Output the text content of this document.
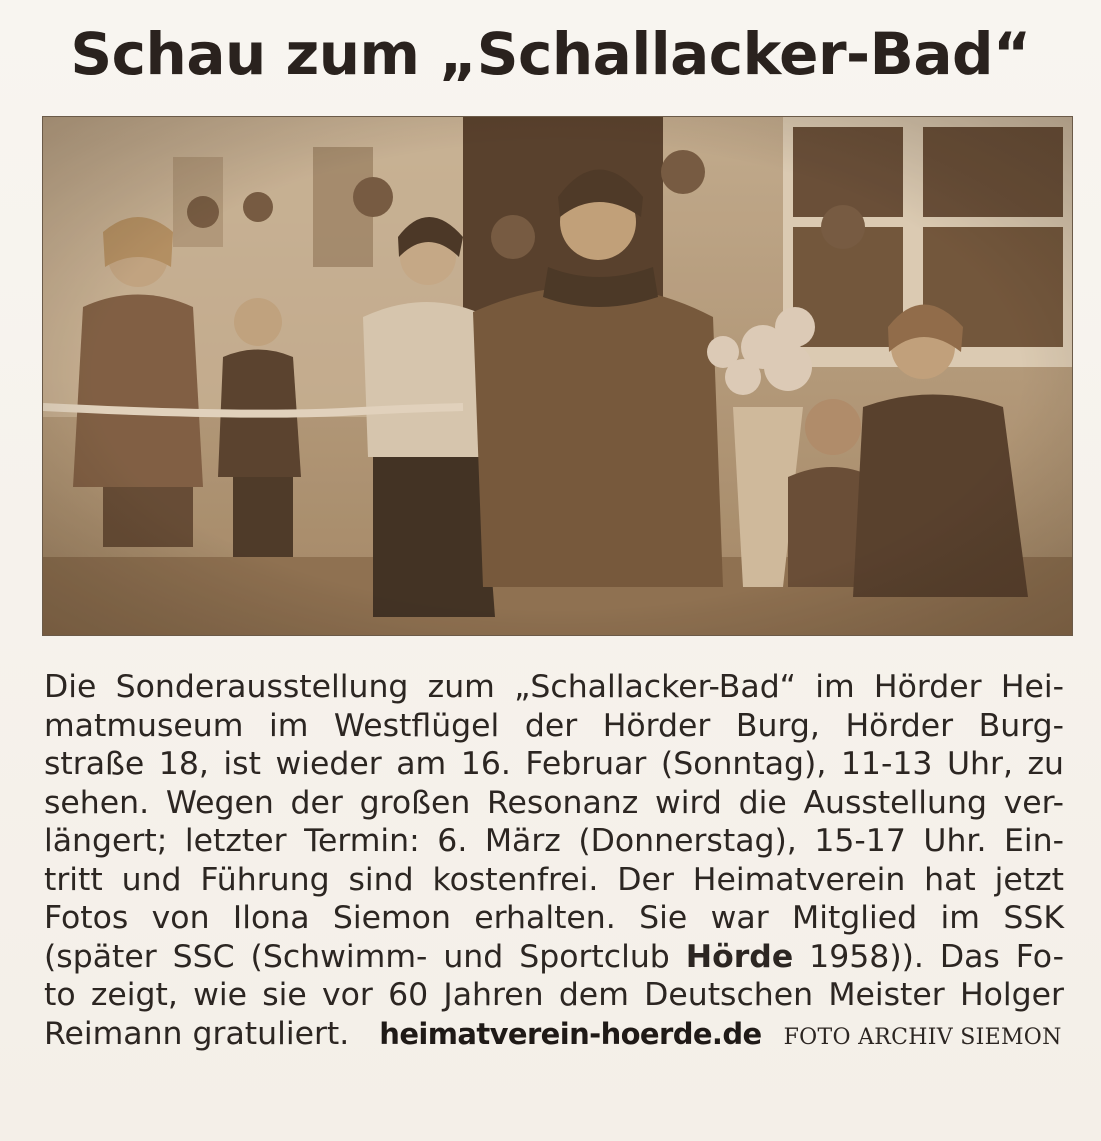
Schau zum „Schallacker-Bad“
Die Sonderausstellung zum „Schallacker-Bad“ im Hörder Hei-
matmuseum im Westflügel der Hörder Burg, Hörder Burg-
straße 18, ist wieder am 16. Februar (Sonntag), 11-13 Uhr, zu
sehen. Wegen der großen Resonanz wird die Ausstellung ver-
längert; letzter Termin: 6. März (Donnerstag), 15-17 Uhr. Ein-
tritt und Führung sind kostenfrei. Der Heimatverein hat jetzt
Fotos von Ilona Siemon erhalten. Sie war Mitglied im SSK
(später SSC (Schwimm- und Sportclub Hörde 1958)). Das Fo-
to zeigt, wie sie vor 60 Jahren dem Deutschen Meister Holger
Reimann gratuliert. heimatverein-hoerde.de FOTO ARCHIV SIEMON
